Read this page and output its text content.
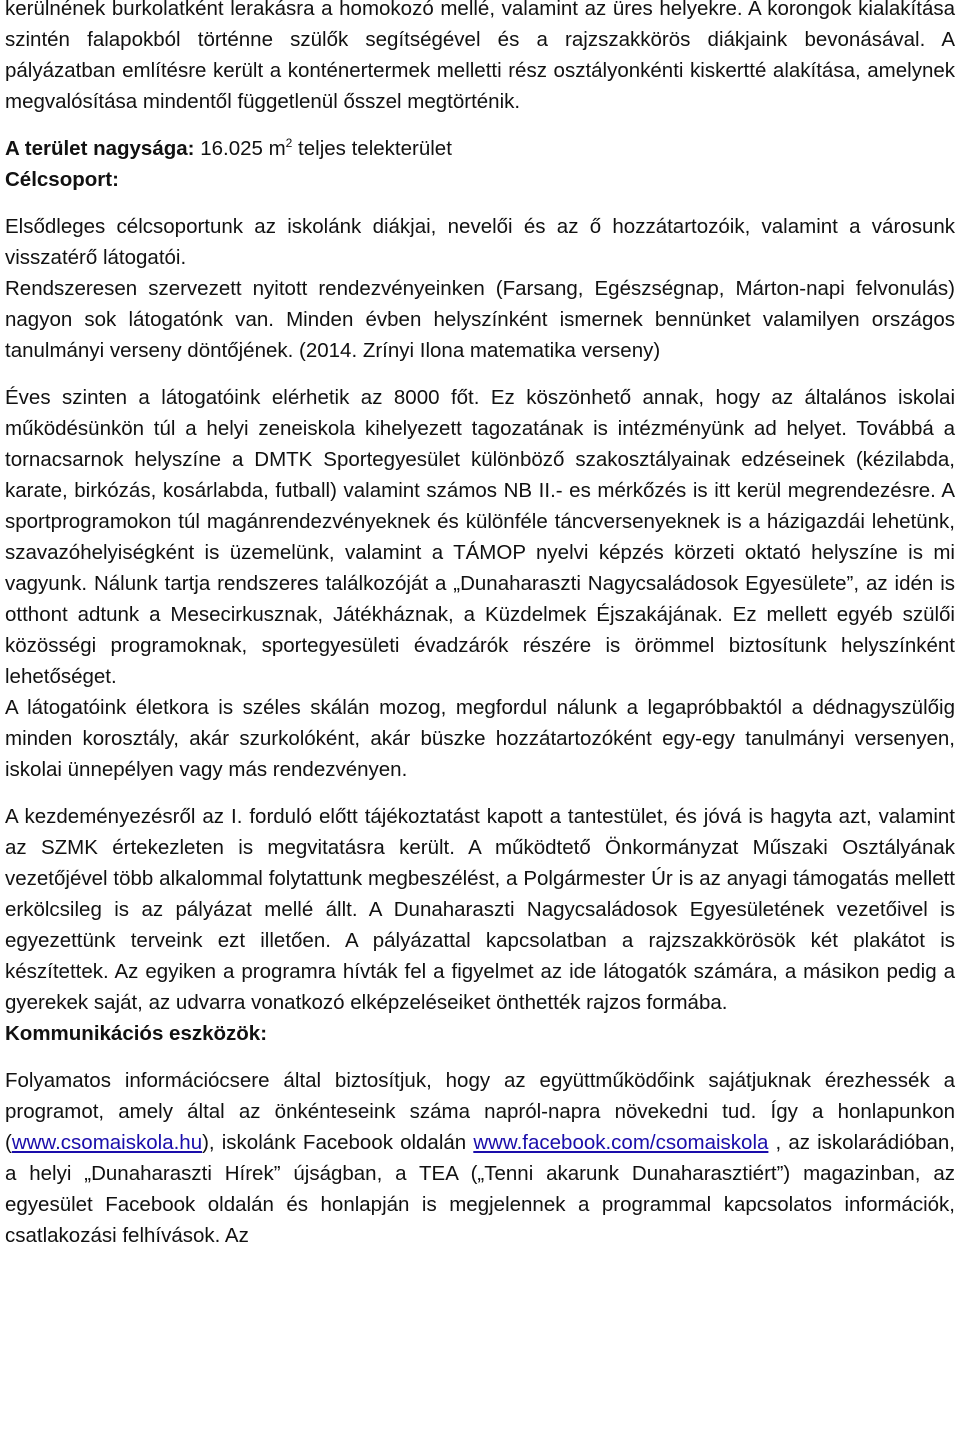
kerülnének burkolatként lerakásra a homokozó mellé, valamint az üres helyekre. A korongok kialakítása szintén falapokból történne szülők segítségével és a rajzszakkörös diákjaink bevonásával. A pályázatban említésre került a konténertermek melletti rész osztályonkénti kiskertté alakítása, amelynek megvalósítása mindentől függetlenül ősszel megtörténik.

A terület nagysága: 16.025 $m^2$ teljes telekterület

Célcsoport:

Elsődleges célcsoportunk az iskolánk diákjai, nevelői és az ő hozzátartozóik, valamint a városunk visszatérő látogatói.

Rendszeresen szervezett nyitott rendezvényeinken (Farsang, Egészségnap, Márton-napi felvonulás) nagyon sok látogatónk van. Minden évben helyszínként ismernek bennünket valamilyen országos tanulmányi verseny döntőjének. (2014. Zrínyi Ilona matematika verseny)

Éves szinten a látogatóink elérhetik az 8000 főt. Ez köszönhető annak, hogy az általános iskolai működésünkön túl a helyi zeneiskola kihelyezett tagozatának is intézményünk ad helyet. Továbbá a tornacsarnok helyszíne a DMTK Sportegyesület különböző szakosztályainak edzéseinek (kézilabda, karate, birkózás, kosárlabda, futball) valamint számos NB II.- es mérkőzés is itt kerül megrendezésre. A sportprogramokon túl magánrendezvényeknek és különféle táncversenyeknek is a házigazdái lehetünk, szavazóhelyiségként is üzemelünk, valamint a TÁMOP nyelvi képzés körzeti oktató helyszíne is mi vagyunk. Nálunk tartja rendszeres találkozóját a „Dunaharaszti Nagycsaládosok Egyesülete”, az idén is otthont adtunk a Mesecirkusznak, Játékháznak, a Küzdelmek Éjszakájának. Ez mellett egyéb szülői közösségi programoknak, sportegyesületi évadzárók részére is örömmel biztosítunk helyszínként lehetőséget.

A látogatóink életkora is széles skálán mozog, megfordul nálunk a legapróbbaktól a dédnagyszülőig minden korosztály, akár szurkolóként, akár büszke hozzátartozóként egy-egy tanulmányi versenyen, iskolai ünnepélyen vagy más rendezvényen.

A kezdeményezésről az I. forduló előtt tájékoztatást kapott a tantestület, és jóvá is hagyta azt, valamint az SZMK értekezleten is megvitatásra került. A működtető Önkormányzat Műszaki Osztályának vezetőjével több alkalommal folytattunk megbeszélést, a Polgármester Úr is az anyagi támogatás mellett erkölcsileg is az pályázat mellé állt. A Dunaharaszti Nagycsaládosok Egyesületének vezetőivel is egyezettünk terveink ezt illetően. A pályázattal kapcsolatban a rajzszakkörösök két plakátot is készítettek. Az egyiken a programra hívták fel a figyelmet az ide látogatók számára, a másikon pedig a gyerekek saját, az udvarra vonatkozó elképzeléseiket önthették rajzos formába.

Kommunikációs eszközök:

Folyamatos információcsere által biztosítjuk, hogy az együttműködőink sajátjuknak érezhessék a programot, amely által az önkénteseink száma napról-napra növekedni tud. Így a honlapunkon (www.csomaiskola.hu), iskolánk Facebook oldalán www.facebook.com/csomaiskola , az iskolarádióban, a helyi „Dunaharaszti Hírek” újságban, a TEA („Tenni akarunk Dunaharasztiért”) magazinban, az egyesület Facebook oldalán és honlapján is megjelennek a programmal kapcsolatos információk, csatlakozási felhívások. Az
